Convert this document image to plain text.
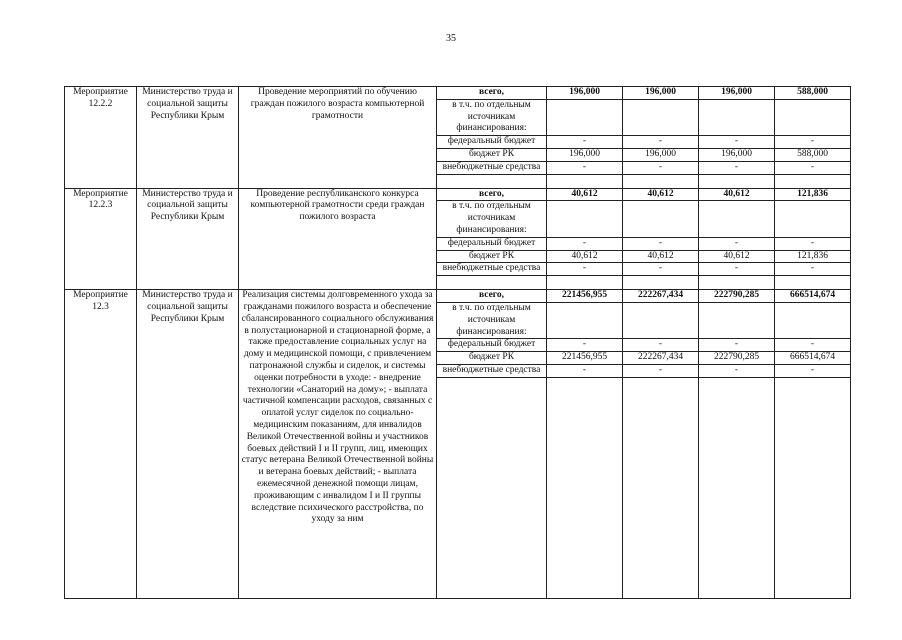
35
Мероприятие 12.2.2	Министерство труда и социальной защиты Республики Крым	Проведение мероприятий по обучению граждан пожилого возраста компьютерной грамотности	всего,	196,000	196,000	196,000	588,000
			в т.ч. по отдельным источникам финансирования:				
			федеральный бюджет	-	-	-	-
			бюджет РК	196,000	196,000	196,000	588,000
			внебюджетные средства	-	-	-	-

Мероприятие 12.2.3	Министерство труда и социальной защиты Республики Крым	Проведение республиканского конкурса компьютерной грамотности среди граждан пожилого возраста	всего,	40,612	40,612	40,612	121,836
			в т.ч. по отдельным источникам финансирования:				
			федеральный бюджет	-	-	-	-
			бюджет РК	40,612	40,612	40,612	121,836
			внебюджетные средства	-	-	-	-

Мероприятие 12.3	Министерство труда и социальной защиты Республики Крым	Реализация системы долговременного ухода за гражданами пожилого возраста и обеспечение сбалансированного социального обслуживания в полустационарной и стационарной форме, а также предоставление социальных услуг на дому и медицинской помощи, с привлечением патронажной службы и сиделок, и системы оценки потребности в уходе: - внедрение технологии «Санаторий на дому»; - выплата частичной компенсации расходов, связанных с оплатой услуг сиделок по социально-медицинским показаниям, для инвалидов Великой Отечественной войны и участников боевых действий I и II групп, лиц, имеющих статус ветерана Великой Отечественной войны и ветерана боевых действий; - выплата ежемесячной денежной помощи лицам, проживающим с инвалидом I и II группы вследствие психического расстройства, по уходу за ним	всего,	221456,955	222267,434	222790,285	666514,674
			в т.ч. по отдельным источникам финансирования:				
			федеральный бюджет	-	-	-	-
			бюджет РК	221456,955	222267,434	222790,285	666514,674
			внебюджетные средства	-	-	-	-
